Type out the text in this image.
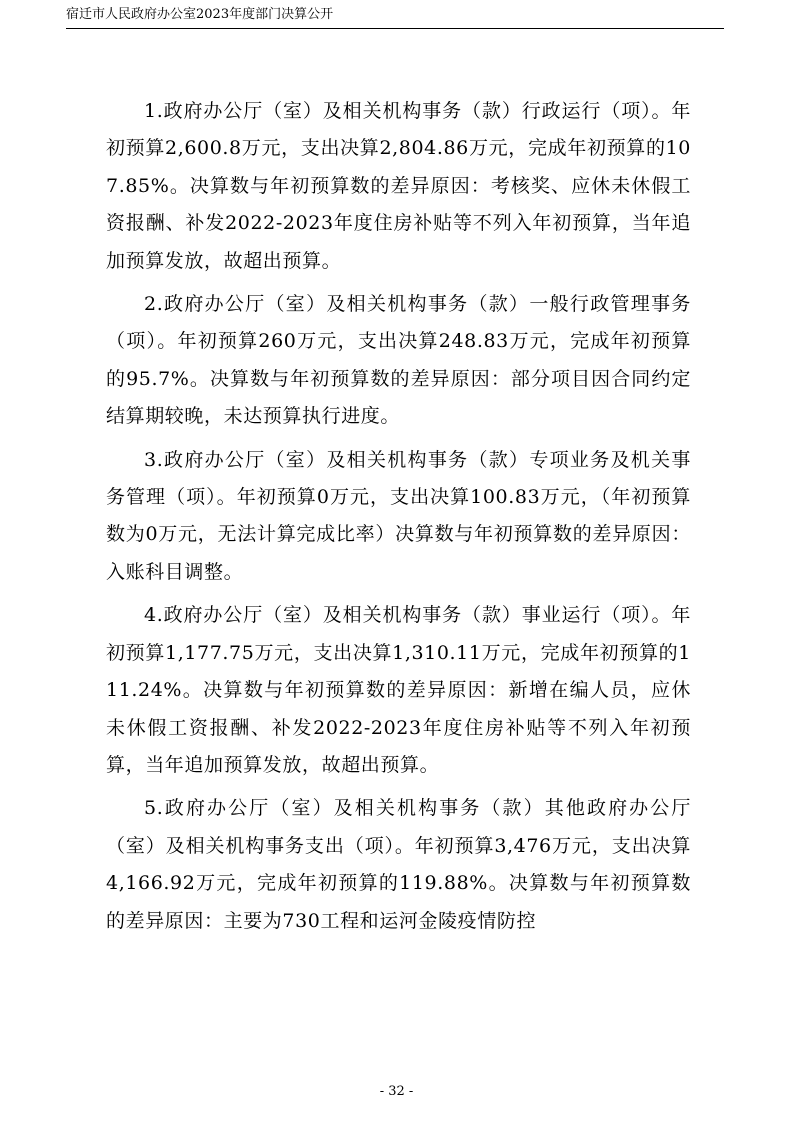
宿迁市人民政府办公室2023年度部门决算公开

1.政府办公厅（室）及相关机构事务（款）行政运行（项）。年初预算2,600.8万元，支出决算2,804.86万元，完成年初预算的107.85%。决算数与年初预算数的差异原因：考核奖、应休未休假工资报酬、补发2022-2023年度住房补贴等不列入年初预算，当年追加预算发放，故超出预算。

2.政府办公厅（室）及相关机构事务（款）一般行政管理事务（项）。年初预算260万元，支出决算248.83万元，完成年初预算的95.7%。决算数与年初预算数的差异原因：部分项目因合同约定结算期较晚，未达预算执行进度。

3.政府办公厅（室）及相关机构事务（款）专项业务及机关事务管理（项）。年初预算0万元，支出决算100.83万元，（年初预算数为0万元，无法计算完成比率）决算数与年初预算数的差异原因：入账科目调整。

4.政府办公厅（室）及相关机构事务（款）事业运行（项）。年初预算1,177.75万元，支出决算1,310.11万元，完成年初预算的111.24%。决算数与年初预算数的差异原因：新增在编人员，应休未休假工资报酬、补发2022-2023年度住房补贴等不列入年初预算，当年追加预算发放，故超出预算。

5.政府办公厅（室）及相关机构事务（款）其他政府办公厅（室）及相关机构事务支出（项）。年初预算3,476万元，支出决算4,166.92万元，完成年初预算的119.88%。决算数与年初预算数的差异原因：主要为730工程和运河金陵疫情防控

- 32 -
